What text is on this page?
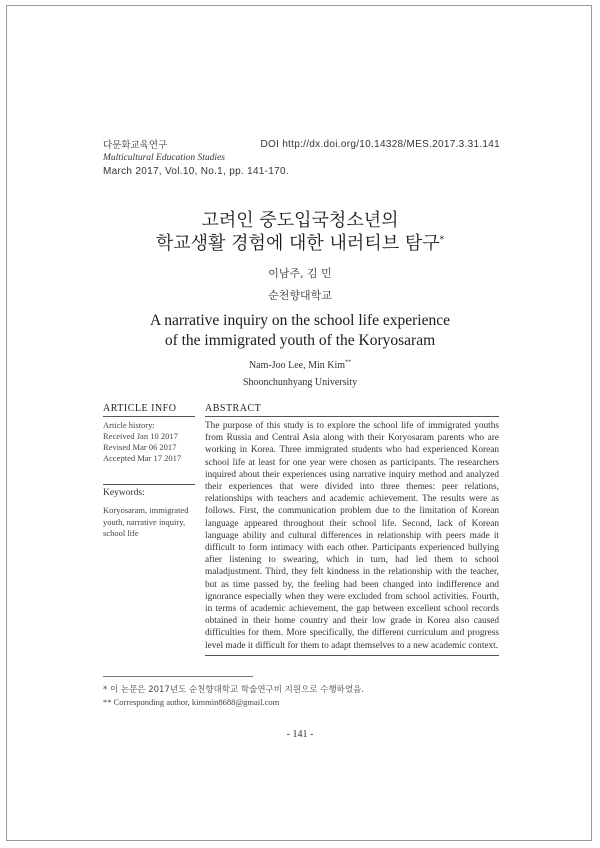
다문화교육연구
Multicultural Education Studies
March 2017, Vol.10, No.1, pp. 141-170.
DOI http://dx.doi.org/10.14328/MES.2017.3.31.141
고려인 중도입국청소년의
학교생활 경험에 대한 내러티브 탐구*
이남주, 김 민
순천향대학교
A narrative inquiry on the school life experience
of the immigrated youth of the Koryosaram
Nam-Joo Lee, Min Kim**
Shoonchunhyang University
ARTICLE INFO
Article history:
Received Jan 10 2017
Revised Mar 06 2017
Accepted Mar 17 2017
Keywords:
Koryosaram, immigrated youth, narrative inquiry, school life
ABSTRACT

The purpose of this study is to explore the school life of immigrated youths from Russia and Central Asia along with their Koryosaram parents who are working in Korea. Three immigrated students who had experienced Korean school life at least for one year were chosen as participants. The researchers inquired about their experiences using narrative inquiry method and analyzed their experiences that were divided into three themes: peer relations, relationships with teachers and academic achievement. The results were as follows. First, the communication problem due to the limitation of Korean language appeared throughout their school life. Second, lack of Korean language ability and cultural differences in relationship with peers made it difficult to form intimacy with each other. Participants experienced bullying after listening to swearing, which in turn, had led them to school maladjustment. Third, they felt kindness in the relationship with the teacher, but as time passed by, the feeling had been changed into indifference and ignorance especially when they were excluded from school activities. Fourth, in terms of academic achievement, the gap between excellent school records obtained in their home country and their low grade in Korea also caused difficulties for them. More specifically, the different curriculum and progress level made it difficult for them to adapt themselves to a new academic context.

* 이 논문은 2017년도 순천향대학교 학술연구비 지원으로 수행하였음.
** Corresponding author, kimmin8688@gmail.com
- 141 -
